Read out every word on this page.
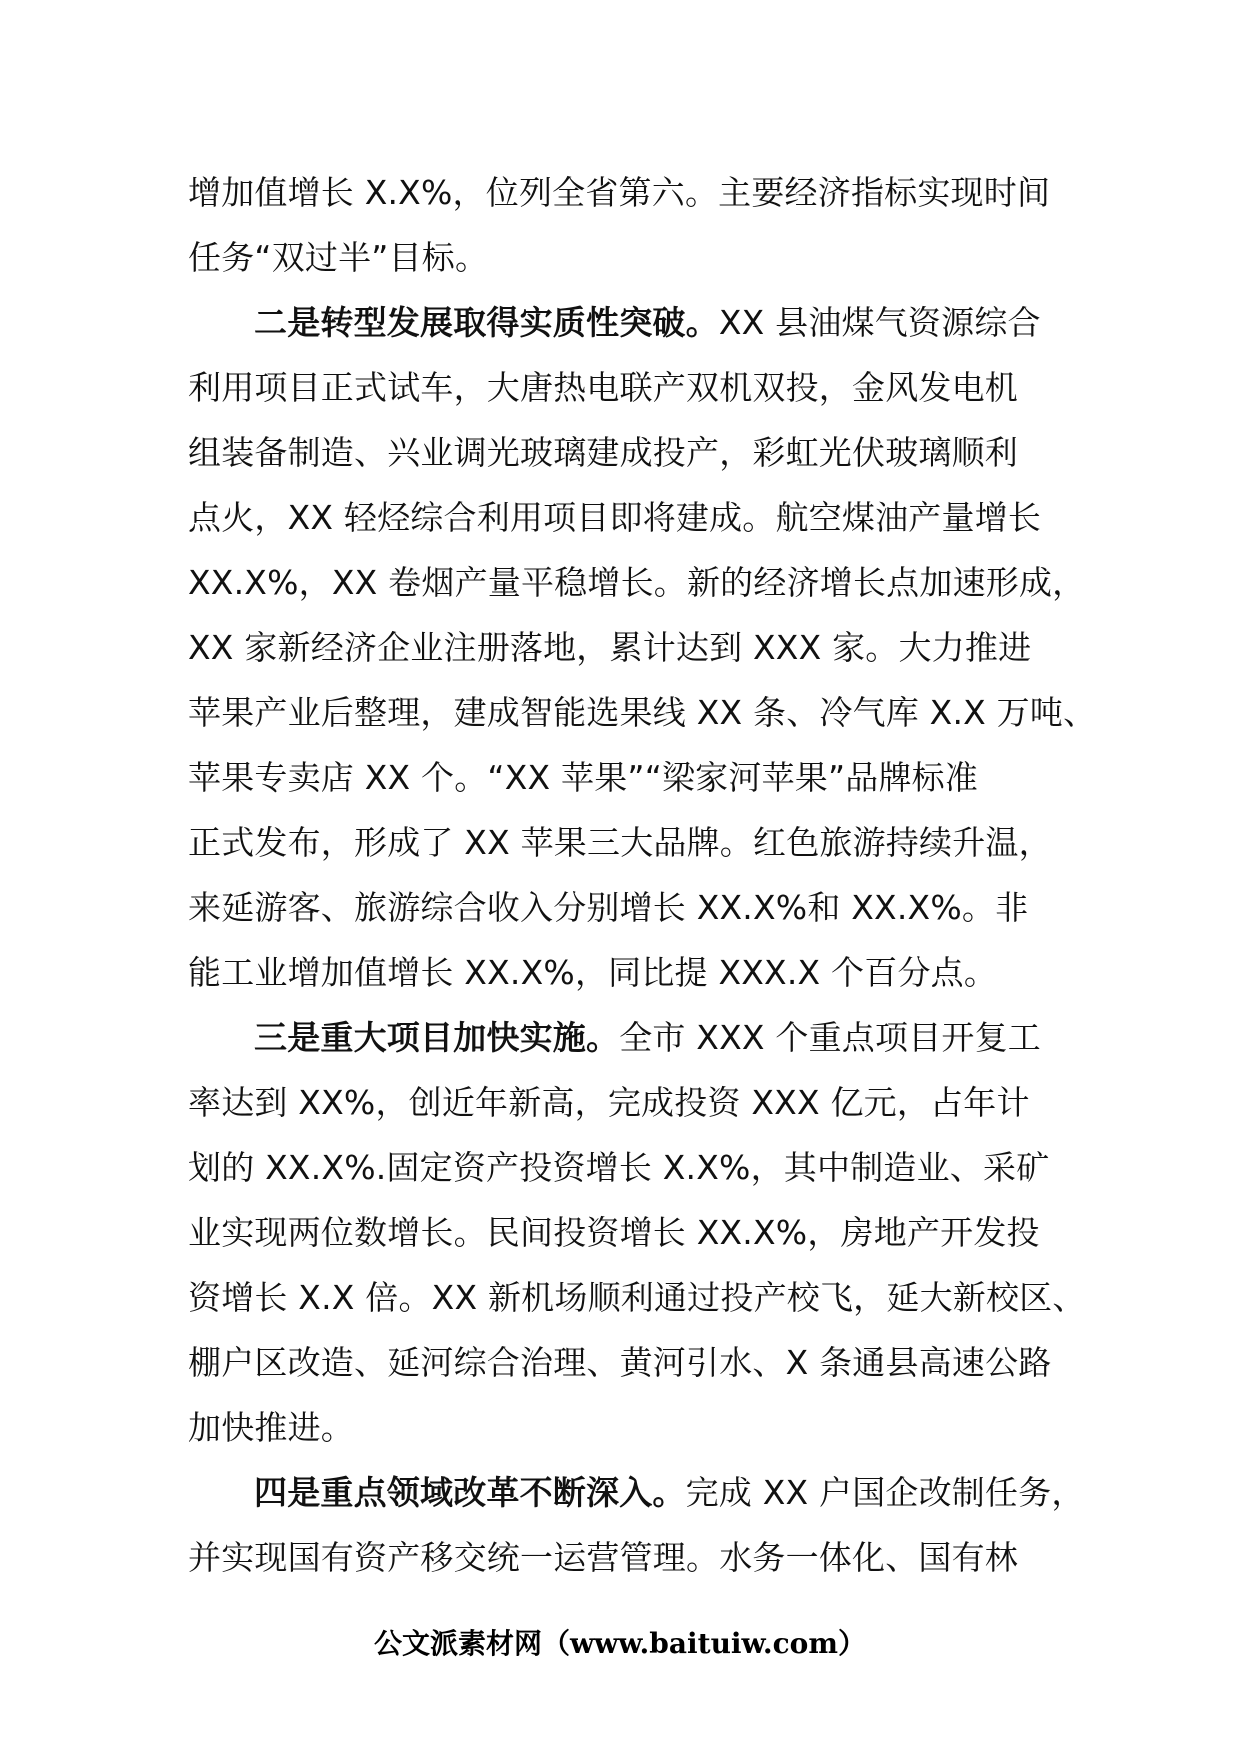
增加值增长 X.X%，位列全省第六。主要经济指标实现时间
任务“双过半”目标。
二是转型发展取得实质性突破。XX 县油煤气资源综合
利用项目正式试车，大唐热电联产双机双投，金风发电机
组装备制造、兴业调光玻璃建成投产，彩虹光伏玻璃顺利
点火，XX 轻烃综合利用项目即将建成。航空煤油产量增长
XX.X%，XX 卷烟产量平稳增长。新的经济增长点加速形成，
XX 家新经济企业注册落地，累计达到 XXX 家。大力推进
苹果产业后整理，建成智能选果线 XX 条、冷气库 X.X 万吨、
苹果专卖店 XX 个。“XX 苹果”“梁家河苹果”品牌标准
正式发布，形成了 XX 苹果三大品牌。红色旅游持续升温，
来延游客、旅游综合收入分别增长 XX.X%和 XX.X%。非
能工业增加值增长 XX.X%，同比提 XXX.X 个百分点。
三是重大项目加快实施。全市 XXX 个重点项目开复工
率达到 XX%，创近年新高，完成投资 XXX 亿元，占年计
划的 XX.X%.固定资产投资增长 X.X%，其中制造业、采矿
业实现两位数增长。民间投资增长 XX.X%，房地产开发投
资增长 X.X 倍。XX 新机场顺利通过投产校飞，延大新校区、
棚户区改造、延河综合治理、黄河引水、X 条通县高速公路
加快推进。
四是重点领域改革不断深入。完成 XX 户国企改制任务，
并实现国有资产移交统一运营管理。水务一体化、国有林
公文派素材网（www.baituiw.com）
